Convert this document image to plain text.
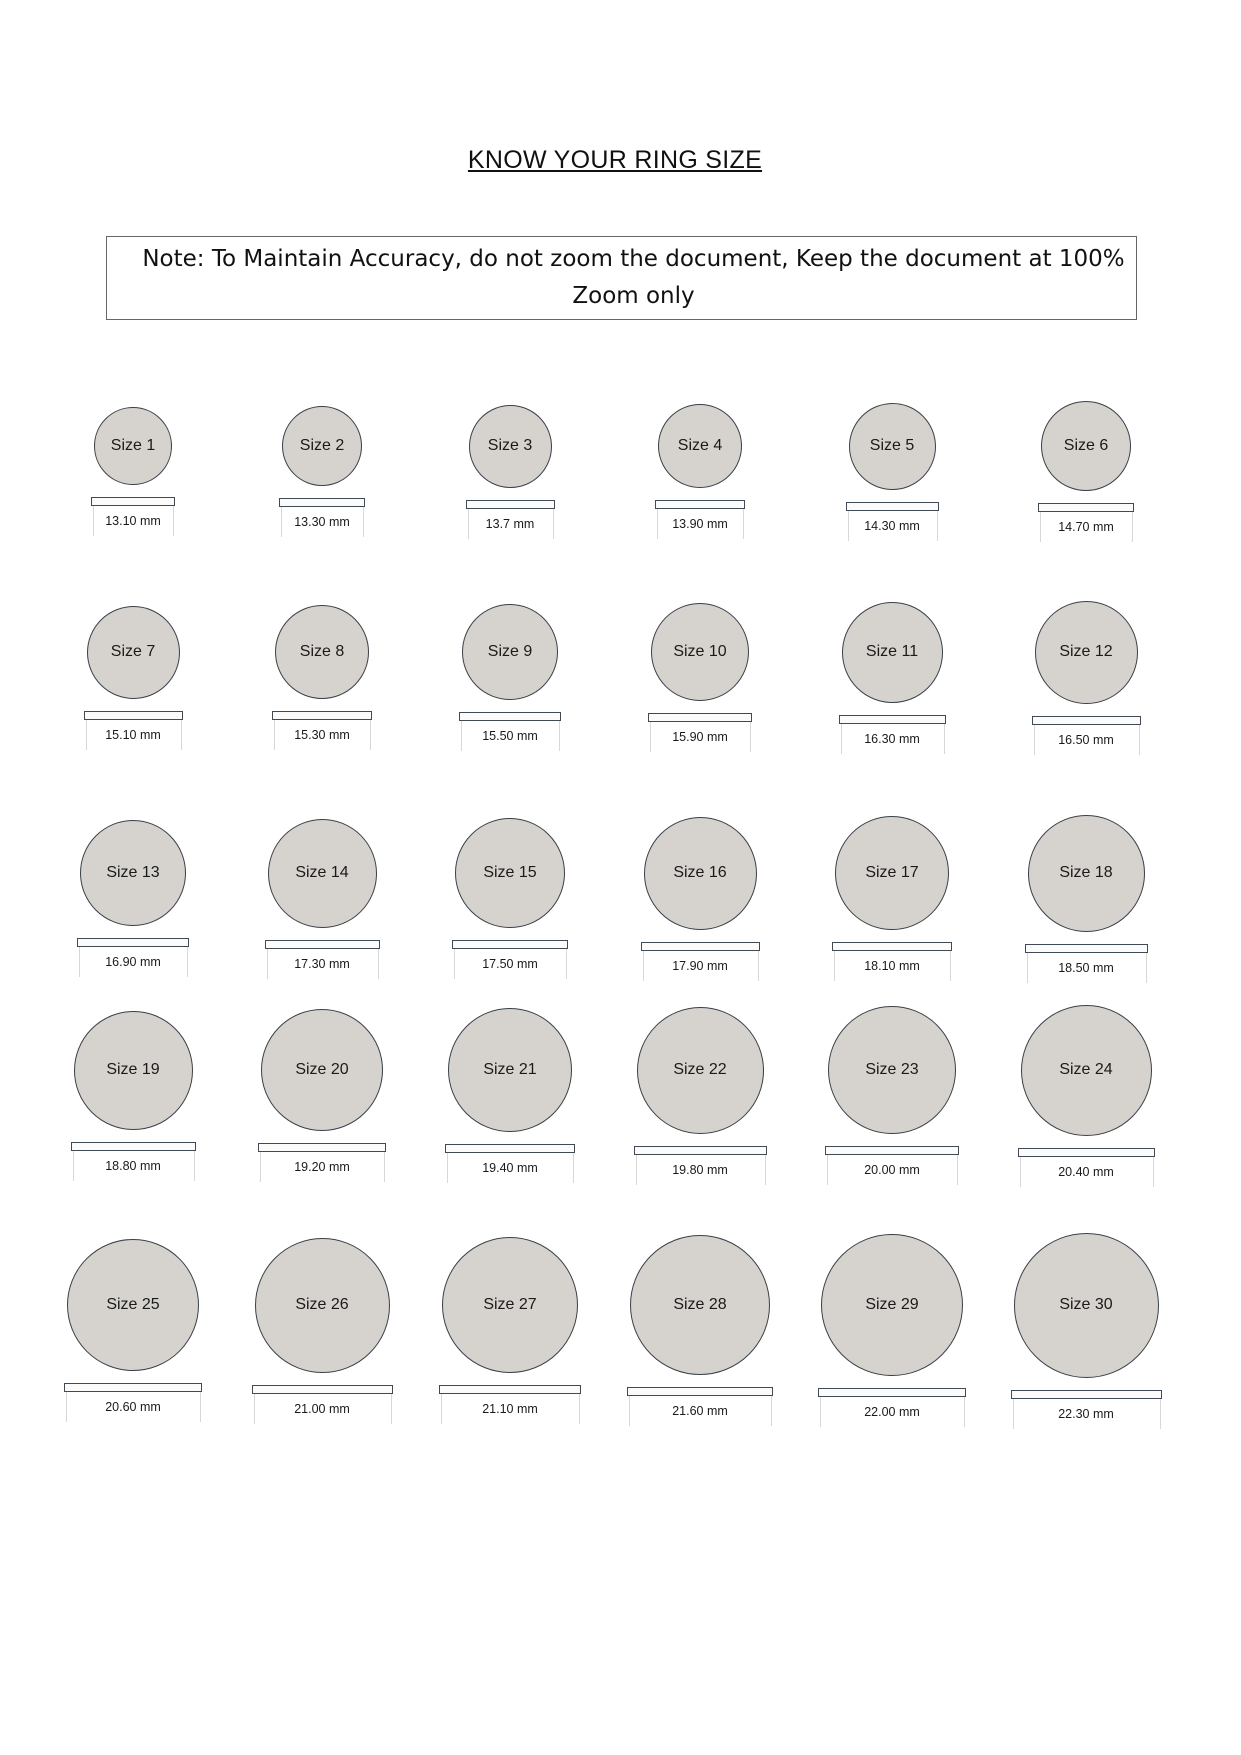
KNOW YOUR RING SIZE
Note: To Maintain Accuracy, do not zoom the document, Keep the document at 100% Zoom only
Size 1
13.10 mm
Size 2
13.30 mm
Size 3
13.7 mm
Size 4
13.90 mm
Size 5
14.30 mm
Size 6
14.70 mm
Size 7
15.10 mm
Size 8
15.30 mm
Size 9
15.50 mm
Size 10
15.90 mm
Size 11
16.30 mm
Size 12
16.50 mm
Size 13
16.90 mm
Size 14
17.30 mm
Size 15
17.50 mm
Size 16
17.90 mm
Size 17
18.10 mm
Size 18
18.50 mm
Size 19
18.80 mm
Size 20
19.20 mm
Size 21
19.40 mm
Size 22
19.80 mm
Size 23
20.00 mm
Size 24
20.40 mm
Size 25
20.60 mm
Size 26
21.00 mm
Size 27
21.10 mm
Size 28
21.60 mm
Size 29
22.00 mm
Size 30
22.30 mm
